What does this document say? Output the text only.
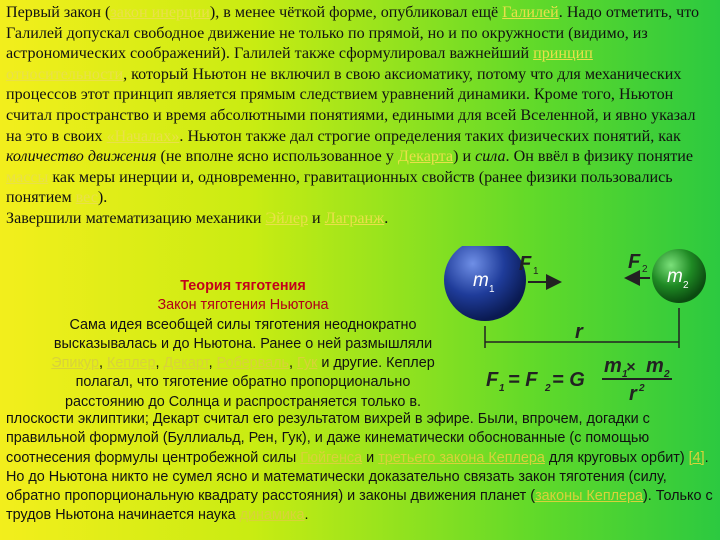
Первый закон (закон инерции), в менее чёткой форме, опубликовал ещё Галилей. Надо отметить, что Галилей допускал свободное движение не только по прямой, но и по окружности (видимо, из астрономических соображений). Галилей также сформулировал важнейший принцип относительности, который Ньютон не включил в свою аксиоматику, потому что для механических процессов этот принцип является прямым следствием уравнений динамики. Кроме того, Ньютон считал пространство и время абсолютными понятиями, едиными для всей Вселенной, и явно указал на это в своих «Началах». Ньютон также дал строгие определения таких физических понятий, как количество движения (не вполне ясно использованное у Декарта) и сила. Он ввёл в физику понятие массы как меры инерции и, одновременно, гравитационных свойств (ранее физики пользовались понятием вес).
Завершили математизацию механики Эйлер и Лагранж.
Теория тяготения
Закон тяготения Ньютона
Сама идея всеобщей силы тяготения неоднократно
высказывалась и до Ньютона. Ранее о ней размышляли
Эпикур, Кеплер, Декарт, Роберваль, Гук и другие. Кеплер
полагал, что тяготение обратно пропорционально
расстоянию до Солнца и распространяется только в.
плоскости эклиптики; Декарт считал его результатом вихрей в эфире. Были, впрочем, догадки с правильной формулой (Буллиальд, Рен, Гук), и даже кинематически обоснованные (с помощью соотнесения формулы центробежной силы Гюйгенса и третьего закона Кеплера для круговых орбит) [4]. Но до Ньютона никто не сумел ясно и математически доказательно связать закон тяготения (силу, обратно пропорциональную квадрату расстояния) и законы движения планет (законы Кеплера). Только с трудов Ньютона начинается наука динамика.
m 1
m 2
F 1	F 2
r
F 1 = F 2 = G
m 1
× m 2
r 2
